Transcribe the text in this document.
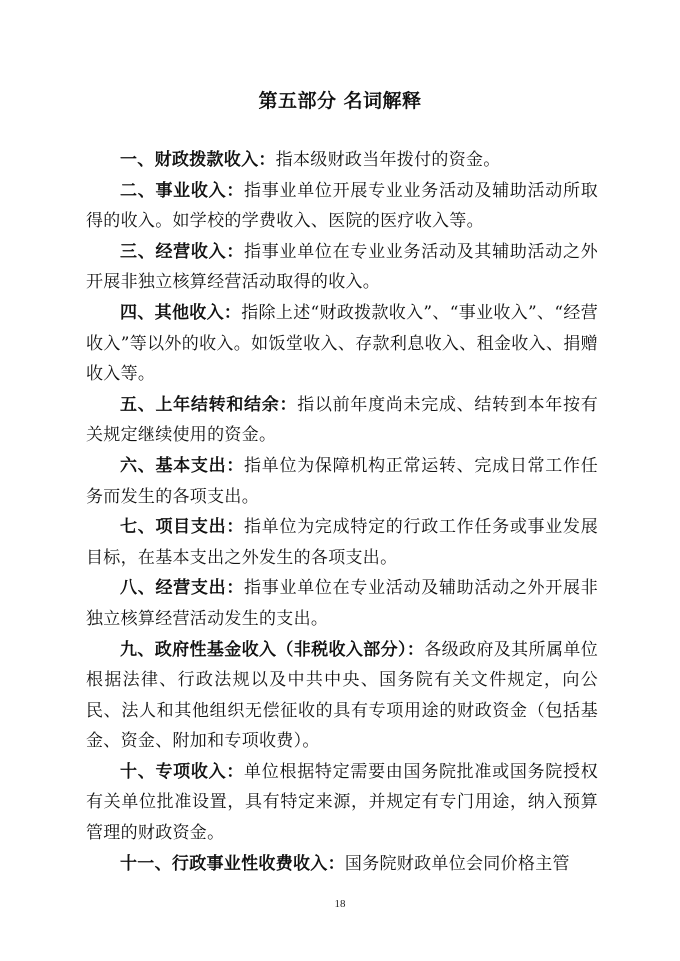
第五部分 名词解释

一、财政拨款收入：指本级财政当年拨付的资金。

二、事业收入：指事业单位开展专业业务活动及辅助活动所取得的收入。如学校的学费收入、医院的医疗收入等。

三、经营收入：指事业单位在专业业务活动及其辅助活动之外开展非独立核算经营活动取得的收入。

四、其他收入：指除上述“财政拨款收入”、“事业收入”、“经营收入”等以外的收入。如饭堂收入、存款利息收入、租金收入、捐赠收入等。

五、上年结转和结余：指以前年度尚未完成、结转到本年按有关规定继续使用的资金。

六、基本支出：指单位为保障机构正常运转、完成日常工作任务而发生的各项支出。

七、项目支出：指单位为完成特定的行政工作任务或事业发展目标，在基本支出之外发生的各项支出。

八、经营支出：指事业单位在专业活动及辅助活动之外开展非独立核算经营活动发生的支出。

九、政府性基金收入（非税收入部分）：各级政府及其所属单位根据法律、行政法规以及中共中央、国务院有关文件规定，向公民、法人和其他组织无偿征收的具有专项用途的财政资金（包括基金、资金、附加和专项收费）。

十、专项收入：单位根据特定需要由国务院批准或国务院授权有关单位批准设置，具有特定来源，并规定有专门用途，纳入预算管理的财政资金。

十一、行政事业性收费收入：国务院财政单位会同价格主管

18
